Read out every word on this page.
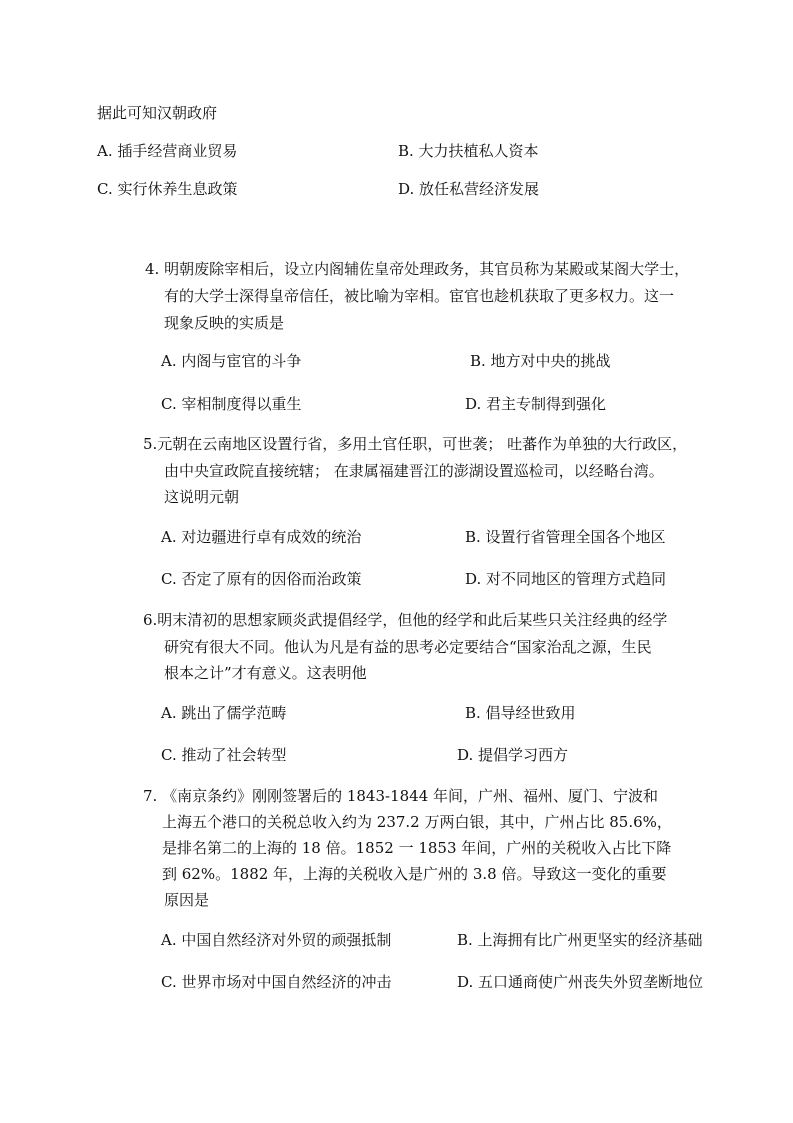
据此可知汉朝政府
A. 插手经营商业贸易	B. 大力扶植私人资本
C. 实行休养生息政策	D. 放任私营经济发展
4. 明朝废除宰相后，设立内阁辅佐皇帝处理政务，其官员称为某殿或某阁大学士，
有的大学士深得皇帝信任，被比喻为宰相。宦官也趁机获取了更多权力。这一
现象反映的实质是
A. 内阁与宦官的斗争	B. 地方对中央的挑战
C. 宰相制度得以重生	D. 君主专制得到强化
5.元朝在云南地区设置行省，多用土官任职，可世袭； 吐蕃作为单独的大行政区，
由中央宣政院直接统辖； 在隶属福建晋江的澎湖设置巡检司，以经略台湾。
这说明元朝
A. 对边疆进行卓有成效的统治	B. 设置行省管理全国各个地区
C. 否定了原有的因俗而治政策	D. 对不同地区的管理方式趋同
6.明末清初的思想家顾炎武提倡经学，但他的经学和此后某些只关注经典的经学
研究有很大不同。他认为凡是有益的思考必定要结合“国家治乱之源，生民
根本之计”才有意义。这表明他
A. 跳出了儒学范畴	B. 倡导经世致用
C. 推动了社会转型	D. 提倡学习西方
7. 《南京条约》刚刚签署后的 1843-1844 年间，广州、福州、厦门、宁波和
上海五个港口的关税总收入约为 237.2 万两白银，其中，广州占比 85.6%，
是排名第二的上海的 18 倍。1852 一 1853 年间，广州的关税收入占比下降
到 62%。1882 年，上海的关税收入是广州的 3.8 倍。导致这一变化的重要
原因是
A. 中国自然经济对外贸的顽强抵制	B. 上海拥有比广州更坚实的经济基础
C. 世界市场对中国自然经济的冲击	D. 五口通商使广州丧失外贸垄断地位
